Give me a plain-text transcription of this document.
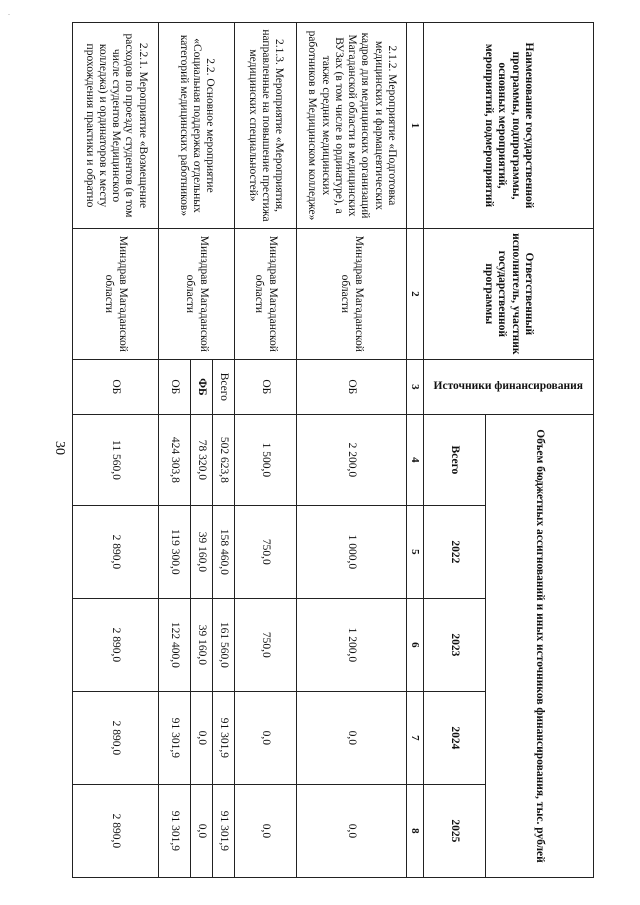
.
30
Наименование государственной программы, подпрограммы, основных мероприятий, мероприятий, подмероприятий	Ответственный исполнитель, участник государственной программы	Источники финансирования	Объем бюджетных ассигнований и иных источников финансирования, тыс. рублей				
			Всего	2022	2023	2024	2025
1	2	3	4	5	6	7	8
2.1.2. Мероприятие «Подготовка медицинских и фармацевтических кадров для медицинских организаций Магаданской области в медицинских ВУЗах (в том числе в ординатуре), а также средних медицинских работников в Медицинском колледже»	Минздрав Магаданской области	ОБ	2 200,0	1 000,0	1 200,0	0,0	0,0
2.1.3. Мероприятие «Мероприятия, направленные на повышение престижа медицинских специальностей»	Минздрав Магаданской области	ОБ	1 500,0	750,0	750,0	0,0	0,0
2.2. Основное мероприятие «Социальная поддержка отдельных категорий медицинских работников»	Минздрав Магаданской области	Всего	502 623,8	158 460,0	161 560,0	91 301,9	91 301,9
		ФБ	78 320,0	39 160,0	39 160,0	0,0	0,0
		ОБ	424 303,8	119 300,0	122 400,0	91 301,9	91 301,9
2.2.1. Мероприятие «Возмещение расходов по проезду студентов (в том числе студентов Медицинского колледжа) и ординаторов к месту прохождения практики и обратно	Минздрав Магаданской области	ОБ	11 560,0	2 890,0	2 890,0	2 890,0	2 890,0
